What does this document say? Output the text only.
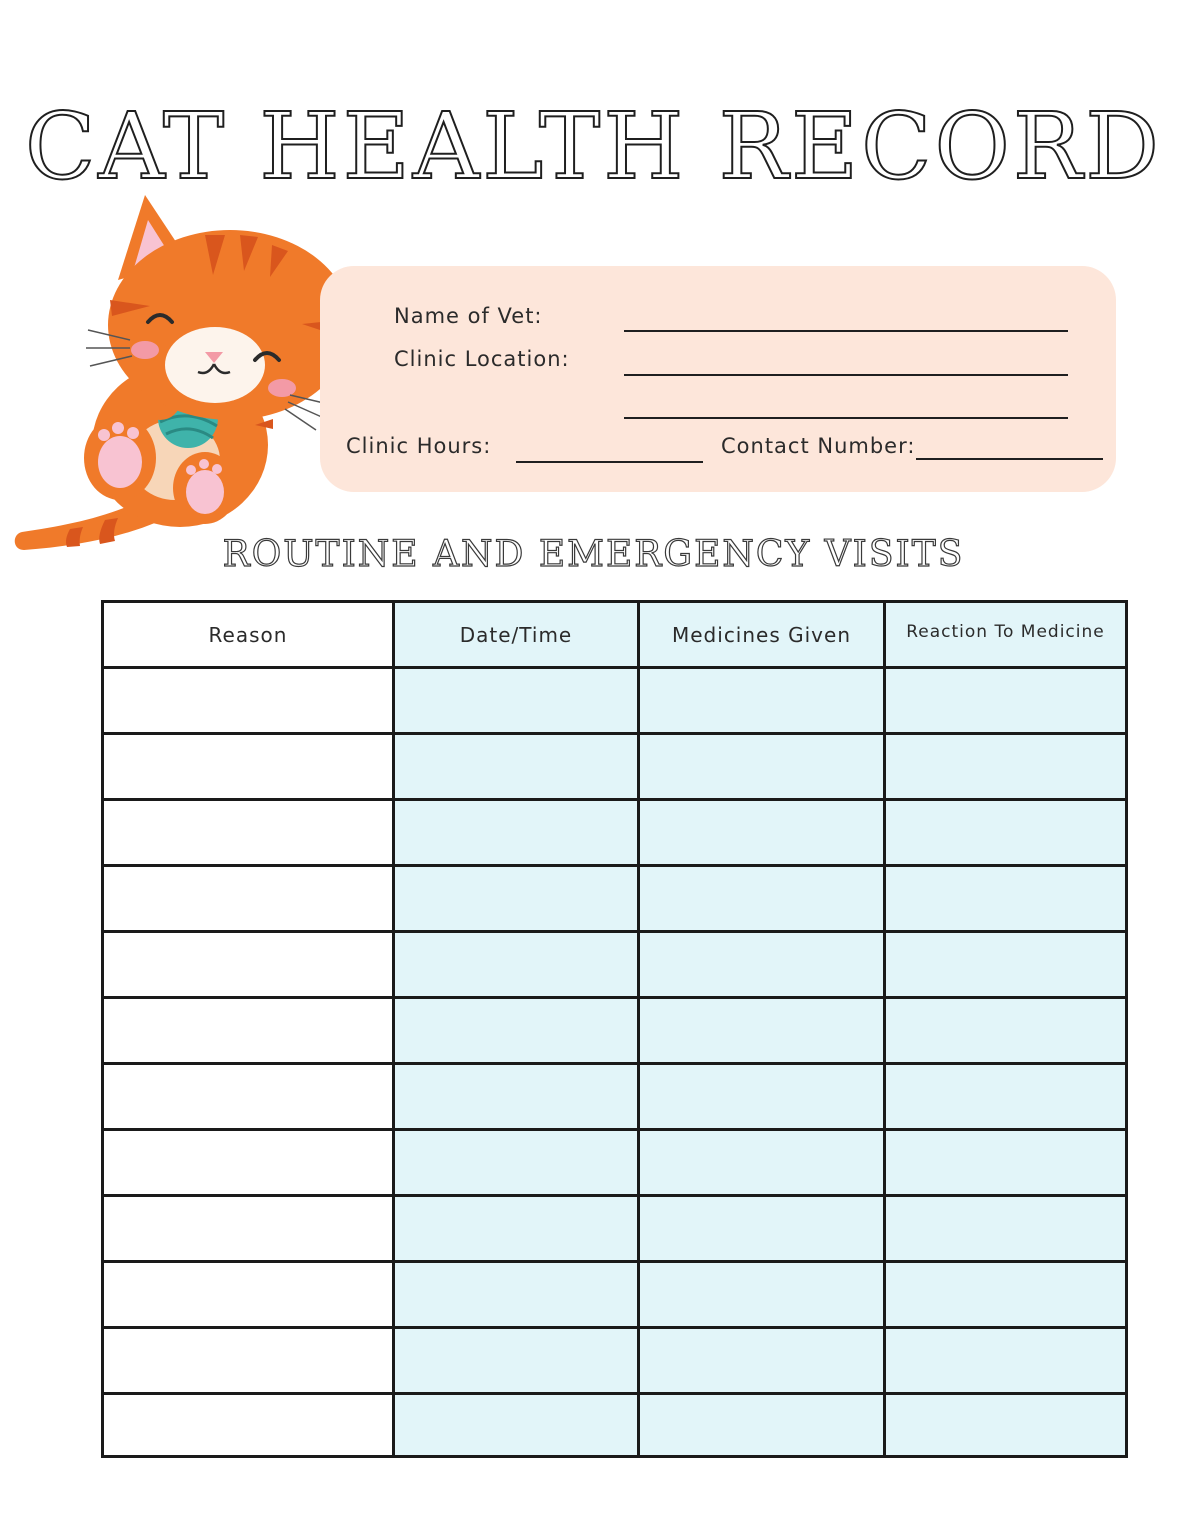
CAT HEALTH RECORD
Name of Vet:
Clinic Location:
Clinic Hours:	Contact Number:
ROUTINE AND EMERGENCY VISITS
Reason	Date/Time	Medicines Given	Reaction To Medicine
